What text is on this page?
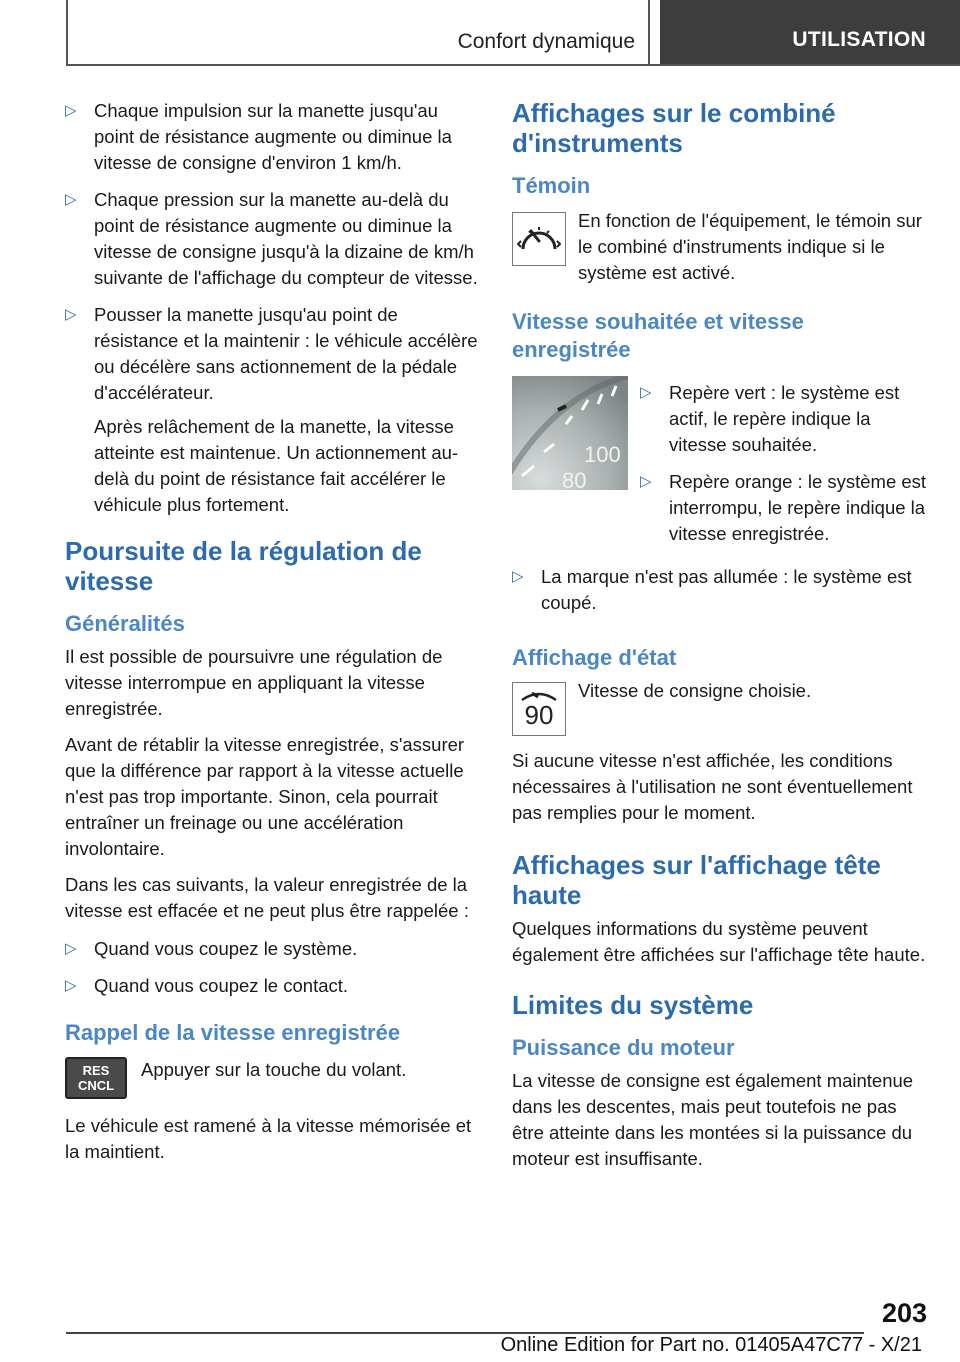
Confort dynamique	UTILISATION
▷ Chaque impulsion sur la manette jusqu'au point de résistance augmente ou diminue la vitesse de consigne d'environ 1 km/h.
▷ Chaque pression sur la manette au-delà du point de résistance augmente ou diminue la vitesse de consigne jusqu'à la dizaine de km/h suivante de l'affichage du compteur de vitesse.
▷ Pousser la manette jusqu'au point de résistance et la maintenir : le véhicule accélère ou décélère sans actionnement de la pédale d'accélérateur.
Après relâchement de la manette, la vitesse atteinte est maintenue. Un actionnement au-delà du point de résistance fait accélérer le véhicule plus fortement.
Poursuite de la régulation de vitesse
Généralités

Il est possible de poursuivre une régulation de vitesse interrompue en appliquant la vitesse enregistrée.

Avant de rétablir la vitesse enregistrée, s'assurer que la différence par rapport à la vitesse actuelle n'est pas trop importante. Sinon, cela pourrait entraîner un freinage ou une accélération involontaire.

Dans les cas suivants, la valeur enregistrée de la vitesse est effacée et ne peut plus être rappelée :

▷ Quand vous coupez le système.
▷ Quand vous coupez le contact.
Rappel de la vitesse enregistrée
RES
CNCL
Appuyer sur la touche du volant.

Le véhicule est ramené à la vitesse mémorisée et la maintient.

Affichages sur le combiné d'instruments
Témoin
En fonction de l'équipement, le témoin sur le combiné d'instruments indique si le système est activé.
Vitesse souhaitée et vitesse enregistrée
100
80
▷ Repère vert : le système est actif, le repère indique la vitesse souhaitée.
▷ Repère orange : le système est interrompu, le repère indique la vitesse enregistrée.
▷ La marque n'est pas allumée : le système est coupé.
Affichage d'état
90
Vitesse de consigne choisie.

Si aucune vitesse n'est affichée, les conditions nécessaires à l'utilisation ne sont éventuellement pas remplies pour le moment.

Affichages sur l'affichage tête haute

Quelques informations du système peuvent également être affichées sur l'affichage tête haute.

Limites du système
Puissance du moteur

La vitesse de consigne est également maintenue dans les descentes, mais peut toutefois ne pas être atteinte dans les montées si la puissance du moteur est insuffisante.

203
Online Edition for Part no. 01405A47C77 - X/21
